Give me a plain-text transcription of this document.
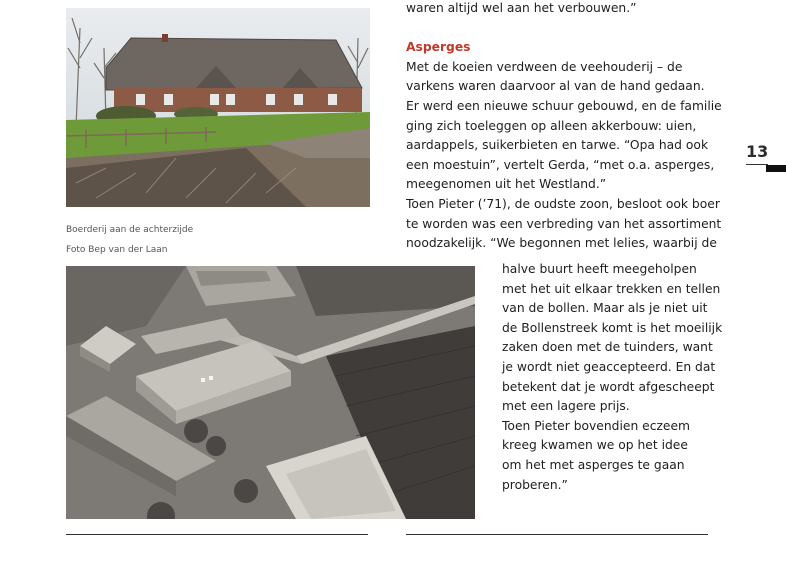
Boerderij aan de achterzijde
Foto Bep van der Laan
waren altijd wel aan het verbouwen.”
Asperges
Met de koeien verdween de veehouderij – de
varkens waren daarvoor al van de hand gedaan.
Er werd een nieuwe schuur gebouwd, en de familie
ging zich toeleggen op alleen akkerbouw: uien,
aardappels, suikerbieten en tarwe. “Opa had ook
een moestuin”, vertelt Gerda, “met o.a. asperges,
meegenomen uit het Westland.”
Toen Pieter (’71), de oudste zoon, besloot ook boer
te worden was een verbreding van het assortiment
noodzakelijk. “We begonnen met lelies, waarbij de
halve buurt heeft meegeholpen
met het uit elkaar trekken en tellen
van de bollen. Maar als je niet uit
de Bollenstreek komt is het moeilijk
zaken doen met de tuinders, want
je wordt niet geaccepteerd. En dat
betekent dat je wordt afgescheept
met een lagere prijs.
Toen Pieter bovendien eczeem
kreeg kwamen we op het idee
om het met asperges te gaan
proberen.”
13
